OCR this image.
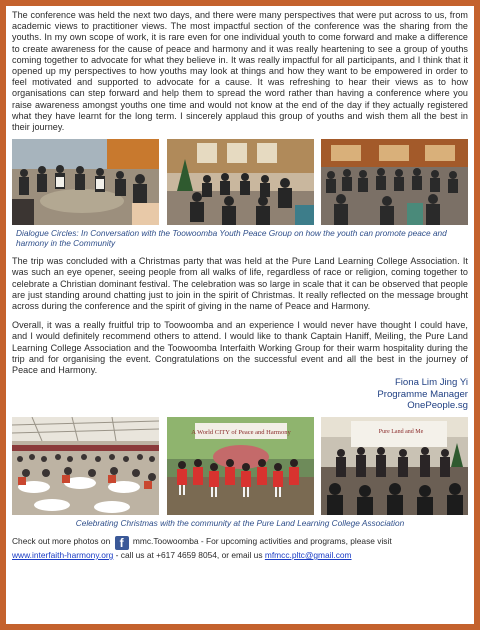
The conference was held the next two days, and there were many perspectives that were put across to us, from academic views to practitioner views. The most impactful section of the conference was the sharing from the youths. In my own scope of work, it is rare even for one individual youth to come forward and make a difference to create awareness for the cause of peace and harmony and it was really heartening to see a group of youths coming together to advocate for what they believe in. It was really impactful for all participants, and I think that it opened up my perspectives to how youths may look at things and how they want to be empowered in order to feel motivated and supported to advocate for a cause. It was refreshing to hear their views as to how organisations can step forward and help them to spread the word rather than having a conference where you raise awareness amongst youths one time and would not know at the end of the day if they actually registered what they have learnt for the long term. I sincerely applaud this group of youths and wish them all the best in their journey.

Dialogue Circles: In Conversation with the Toowoomba Youth Peace Group on how the youth can promote peace and harmony in the Community

The trip was concluded with a Christmas party that was held at the Pure Land Learning College Association. It was such an eye opener, seeing people from all walks of life, regardless of race or religion, coming together to celebrate a Christian dominant festival. The celebration was so large in scale that it can be observed that people are just standing around chatting just to join in the spirit of Christmas. It really reflected on the message brought across during the conference and the spirit of giving in the name of Peace and Harmony.

Overall, it was a really fruitful trip to Toowoomba and an experience I would never have thought I could have, and I would definitely recommend others to attend. I would like to thank Captain Haniff, Meiling, the Pure Land Learning College Association and the Toowoomba Interfaith Working Group for their warm hospitality during the trip and for organising the event. Congratulations on the successful event and all the best in the journey of Peace and Harmony.

Fiona Lim Jing Yi
Programme Manager
OnePeople.sg
A World CITY of Peace and Harmony	Pure Land and Me

Celebrating Christmas with the community at the Pure Land Learning College Association

Check out more photos on f mmc.Toowoomba - For upcoming activities and programs, please visit
www.interfaith-harmony.org - call us at +617 4659 8054, or email us mfmcc.pltc@gmail.com
